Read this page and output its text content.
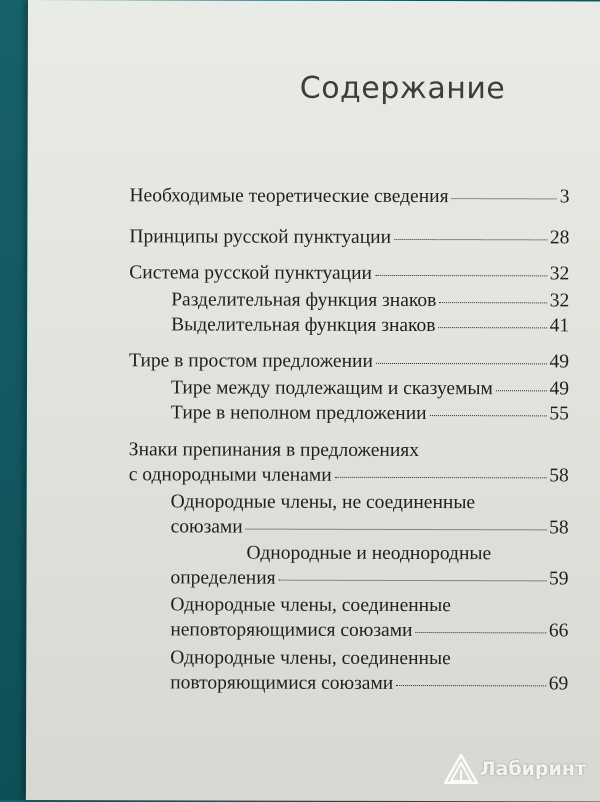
Содержание
Необходимые теоретические сведения	3
Принципы русской пунктуации	28
Система русской пунктуации	32
Разделительная функция знаков	32
Выделительная функция знаков	41
Тире в простом предложении	49
Тире между подлежащим и сказуемым	49
Тире в неполном предложении	55
Знаки препинания в предложениях
с однородными членами	58
Однородные члены, не соединенные
союзами	58
Однородные и неоднородные
определения	59
Однородные члены, соединенные
неповторяющимися союзами	66
Однородные члены, соединенные
повторяющимися союзами	69
Лабиринт
